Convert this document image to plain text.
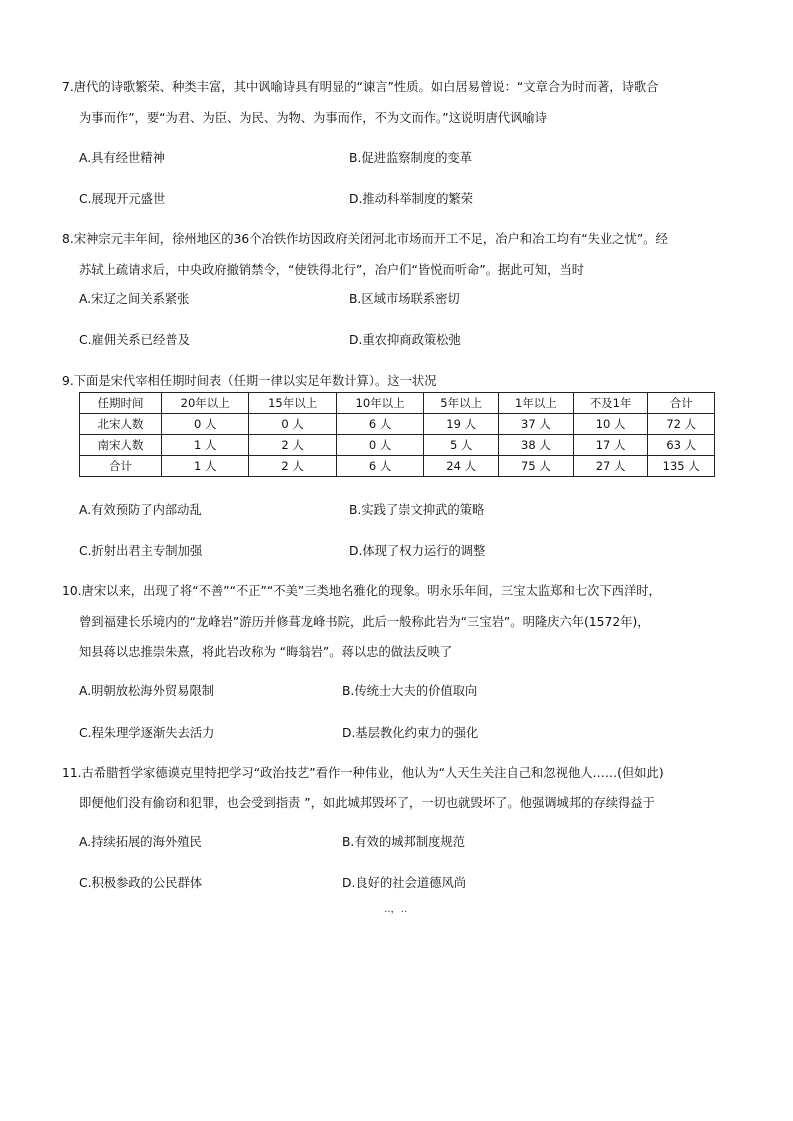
7.唐代的诗歌繁荣、种类丰富，其中讽喻诗具有明显的“谏言”性质。如白居易曾说：“文章合为时而著，诗歌合
为事而作”，要“为君、为臣、为民、为物、为事而作，不为文而作。”这说明唐代讽喻诗
A.具有经世精神	B.促进监察制度的变革
C.展现开元盛世	D.推动科举制度的繁荣
8.宋神宗元丰年间，徐州地区的36个冶铁作坊因政府关闭河北市场而开工不足，冶户和冶工均有“失业之忧”。经
苏轼上疏请求后，中央政府撤销禁令，“使铁得北行”，冶户们“皆悦而听命”。据此可知，当时
A.宋辽之间关系紧张	B.区域市场联系密切
C.雇佣关系已经普及	D.重农抑商政策松弛
9.下面是宋代宰相任期时间表（任期一律以实足年数计算）。这一状况
任期时间	20年以上	15年以上	10年以上	5年以上	1年以上	不及1年	合计
北宋人数	0 人	0 人	6 人	19 人	37 人	10 人	72 人
南宋人数	1 人	2 人	0 人	5 人	38 人	17 人	63 人
合计	1 人	2 人	6 人	24 人	75 人	27 人	135 人
A.有效预防了内部动乱	B.实践了崇文抑武的策略
C.折射出君主专制加强	D.体现了权力运行的调整
10.唐宋以来，出现了将“不善”“不正”“不美”三类地名雅化的现象。明永乐年间，三宝太监郑和七次下西洋时，
曾到福建长乐境内的“龙峰岩”游历并修葺龙峰书院，此后一般称此岩为“三宝岩”。明隆庆六年(1572年)，
知县蒋以忠推崇朱熹，将此岩改称为 “晦翁岩”。蒋以忠的做法反映了
A.明朝放松海外贸易限制	B.传统士大夫的价值取向
C.程朱理学逐渐失去活力	D.基层教化约束力的强化
11.古希腊哲学家德谟克里特把学习“政治技艺”看作一种伟业，他认为“人天生关注自己和忽视他人……(但如此)
即便他们没有偷窃和犯罪，也会受到指责 ”，如此城邦毁坏了，一切也就毁坏了。他强调城邦的存续得益于
A.持续拓展的海外殖民	B.有效的城邦制度规范
C.积极参政的公民群体	D.良好的社会道德风尚
‥，‥
